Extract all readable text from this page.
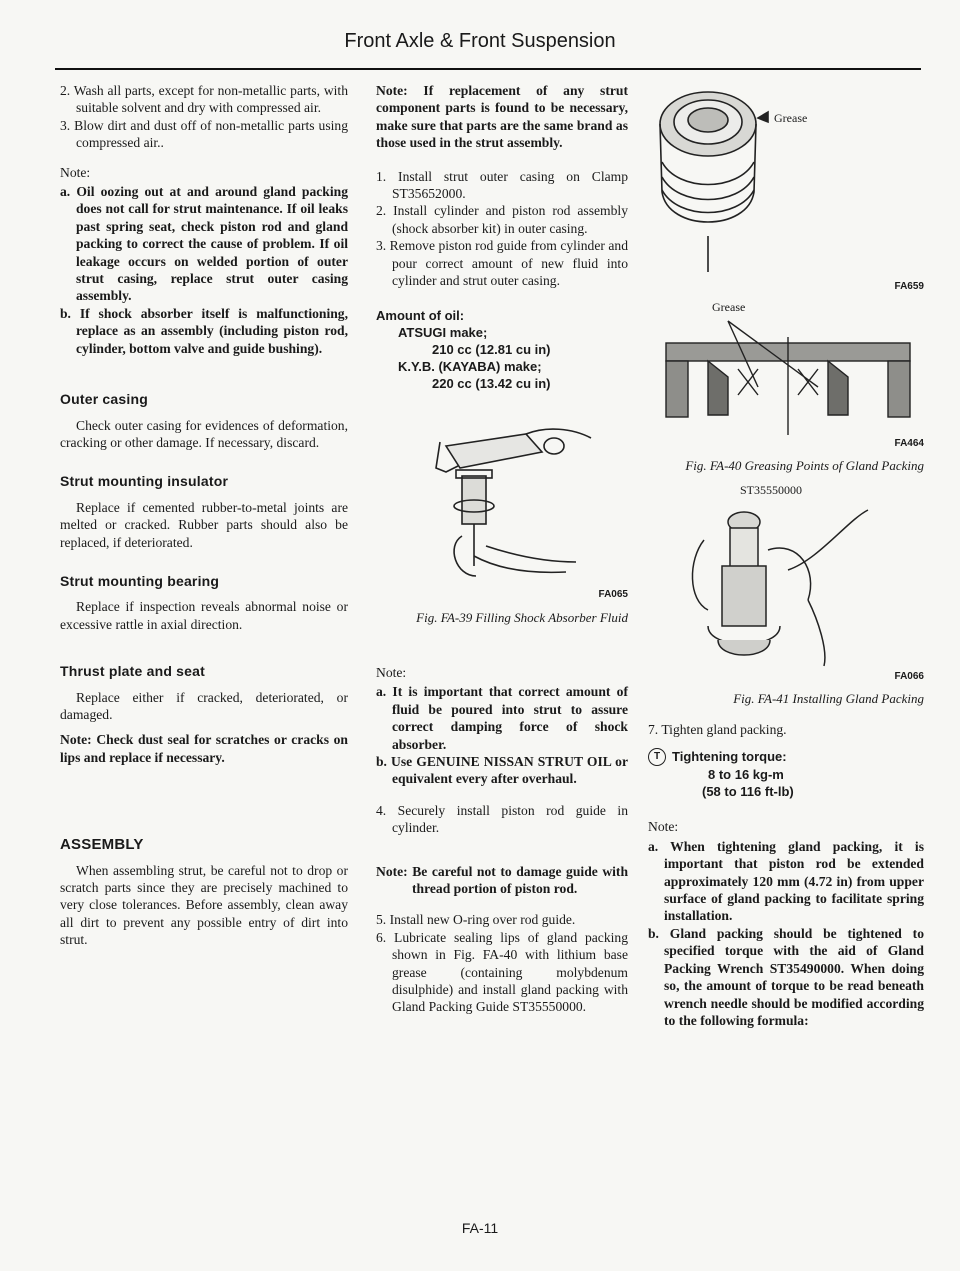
Front Axle & Front Suspension

2. Wash all parts, except for non-metallic parts, with suitable solvent and dry with compressed air.

3. Blow dirt and dust off of non-metallic parts using compressed air..

Note:

a. Oil oozing out at and around gland packing does not call for strut maintenance. If oil leaks past spring seat, check piston rod and gland packing to correct the cause of problem. If oil leakage occurs on welded portion of outer strut casing, replace strut outer casing assembly.

b. If shock absorber itself is malfunctioning, replace as an assembly (including piston rod, cylinder, bottom valve and guide bushing).

Outer casing

Check outer casing for evidences of deformation, cracking or other damage. If necessary, discard.

Strut mounting insulator

Replace if cemented rubber-to-metal joints are melted or cracked. Rubber parts should also be replaced, if deteriorated.

Strut mounting bearing

Replace if inspection reveals abnormal noise or excessive rattle in axial direction.

Thrust plate and seat

Replace either if cracked, deteriorated, or damaged.

Note: Check dust seal for scratches or cracks on lips and replace if necessary.

ASSEMBLY

When assembling strut, be careful not to drop or scratch parts since they are precisely machined to very close tolerances. Before assembly, clean away all dirt to prevent any possible entry of dirt into strut.

Note: If replacement of any strut component parts is found to be necessary, make sure that parts are the same brand as those used in the strut assembly.

1. Install strut outer casing on Clamp ST35652000.

2. Install cylinder and piston rod assembly (shock absorber kit) in outer casing.

3. Remove piston rod guide from cylinder and pour correct amount of new fluid into cylinder and strut outer casing.

Amount of oil:
ATSUGI make;
210 cc (12.81 cu in)
K.Y.B. (KAYABA) make;
220 cc (13.42 cu in)
FA065
Fig. FA-39 Filling Shock Absorber Fluid

Note:

a. It is important that correct amount of fluid be poured into strut to assure correct damping force of shock absorber.

b. Use GENUINE NISSAN STRUT OIL or equivalent every after overhaul.

4. Securely install piston rod guide in cylinder.

Note: Be careful not to damage guide with thread portion of piston rod.

5. Install new O-ring over rod guide.

6. Lubricate sealing lips of gland packing shown in Fig. FA-40 with lithium base grease (containing molybdenum disulphide) and install gland packing with Gland Packing Guide ST35550000.

Grease
FA659
Grease
FA464
Fig. FA-40 Greasing Points of Gland Packing
ST35550000
FA066
Fig. FA-41 Installing Gland Packing

7. Tighten gland packing.

T Tightening torque:
8 to 16 kg-m
(58 to 116 ft-lb)

Note:

a. When tightening gland packing, it is important that piston rod be extended approximately 120 mm (4.72 in) from upper surface of gland packing to facilitate spring installation.

b. Gland packing should be tightened to specified torque with the aid of Gland Packing Wrench ST35490000. When doing so, the amount of torque to be read beneath wrench needle should be modified according to the following formula:

FA-11
